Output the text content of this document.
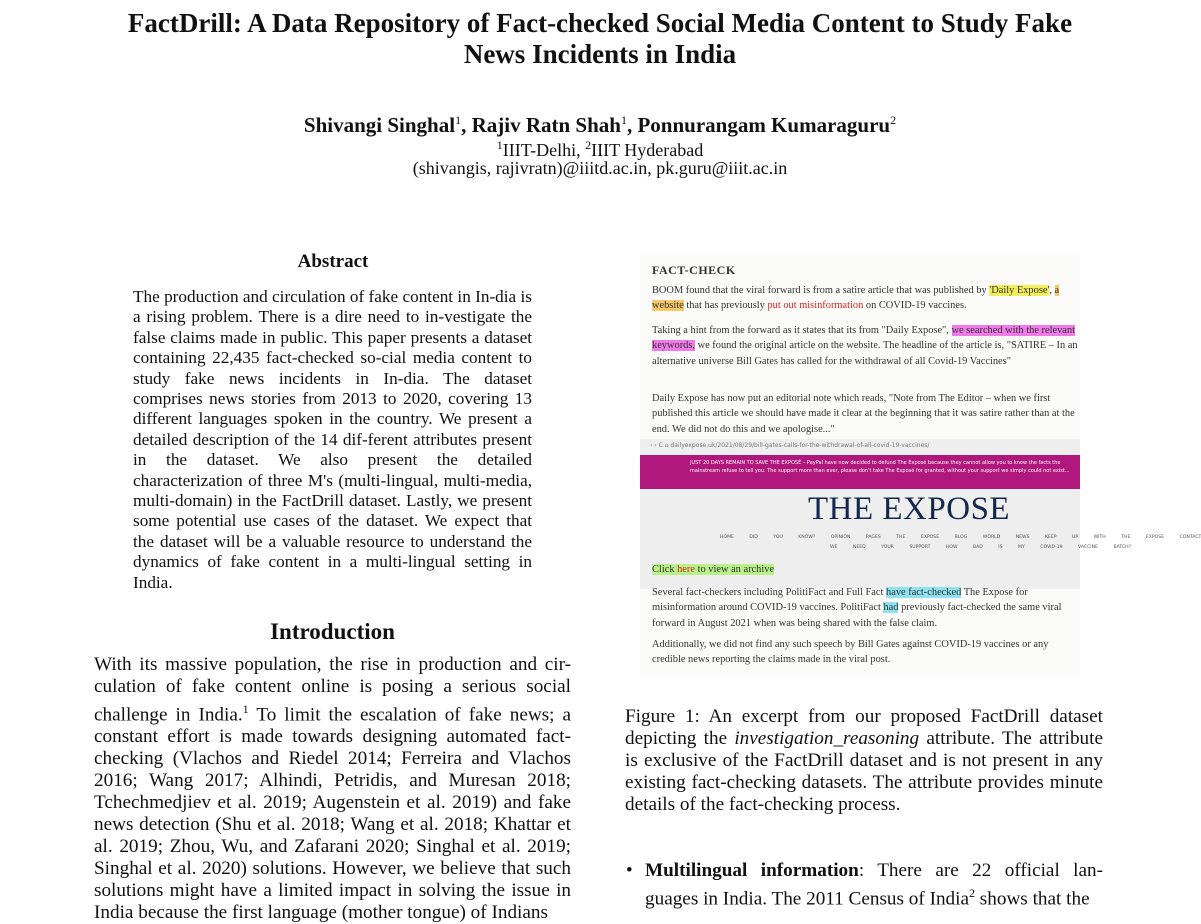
FactDrill: A Data Repository of Fact-checked Social Media Content to Study Fake
News Incidents in India
Shivangi Singhal$^1$, Rajiv Ratn Shah$^1$, Ponnurangam Kumaraguru$^2$
$^1$IIIT-Delhi, $^2$IIIT Hyderabad
(shivangis, rajivratn)@iiitd.ac.in, pk.guru@iiit.ac.in
Abstract
The production and circulation of fake content in In-dia is a rising problem. There is a dire need to in-vestigate the false claims made in public. This paper presents a dataset containing 22,435 fact-checked so-cial media content to study fake news incidents in In-dia. The dataset comprises news stories from 2013 to 2020, covering 13 different languages spoken in the country. We present a detailed description of the 14 dif-ferent attributes present in the dataset. We also present the detailed characterization of three M's (multi-lingual, multi-media, multi-domain) in the FactDrill dataset. Lastly, we present some potential use cases of the dataset. We expect that the dataset will be a valuable resource to understand the dynamics of fake content in a multi-lingual setting in India.
Introduction
With its massive population, the rise in production and cir-culation of fake content online is posing a serious social challenge in India.$^1$ To limit the escalation of fake news; a constant effort is made towards designing automated fact-checking (Vlachos and Riedel 2014; Ferreira and Vlachos 2016; Wang 2017; Alhindi, Petridis, and Muresan 2018; Tchechmedjiev et al. 2019; Augenstein et al. 2019) and fake news detection (Shu et al. 2018; Wang et al. 2018; Khattar et al. 2019; Zhou, Wu, and Zafarani 2020; Singhal et al. 2019; Singhal et al. 2020) solutions. However, we believe that such solutions might have a limited impact in solving the issue in India because the first language (mother tongue) of Indians
FACT-CHECK
BOOM found that the viral forward is from a satire article that was published by 'Daily Expose', a website that has previously put out misinformation on COVID-19 vaccines.
Taking a hint from the forward as it states that its from "Daily Expose", we searched with the relevant keywords, we found the original article on the website. The headline of the article is, "SATIRE – In an alternative universe Bill Gates has called for the withdrawal of all Covid-19 Vaccines"
Daily Expose has now put an editorial note which reads, "Note from The Editor – when we first published this article we should have made it clear at the beginning that it was satire rather than at the end. We did not do this and we apologise..."
‹ › C ⌂ dailyexpose.uk/2021/08/29/bill-gates-calls-for-the-withdrawal-of-all-covid-19-vaccines/
JUST 20 DAYS REMAIN TO SAVE THE EXPOSÉ – PayPal have now decided to defund The Exposé because they cannot allow you to know the facts the mainstream refuse to tell you. The support more than ever, please don't take The Exposé for granted, without your support we simply could not exist...
THE EXPOSE
HOME	DID YOU KNOW?	OPINION PAGES	THE EXPOSE BLOG	WORLD NEWS	KEEP UP WITH THE EXPOSE	CONTACT
WE NEED YOUR SUPPORT	HOW BAD IS MY COVID-19 VACCINE BATCH?
Click here to view an archive
Several fact-checkers including PolitiFact and Full Fact have fact-checked The Expose for misinformation around COVID-19 vaccines. PolitiFact had previously fact-checked the same viral forward in August 2021 when was being shared with the false claim.
Additionally, we did not find any such speech by Bill Gates against COVID-19 vaccines or any credible news reporting the claims made in the viral post.
Figure 1: An excerpt from our proposed FactDrill dataset depicting the investigation_reasoning attribute. The attribute is exclusive of the FactDrill dataset and is not present in any existing fact-checking datasets. The attribute provides minute details of the fact-checking process.
• Multilingual information: There are 22 official lan-guages in India. The 2011 Census of India$^2$ shows that the
